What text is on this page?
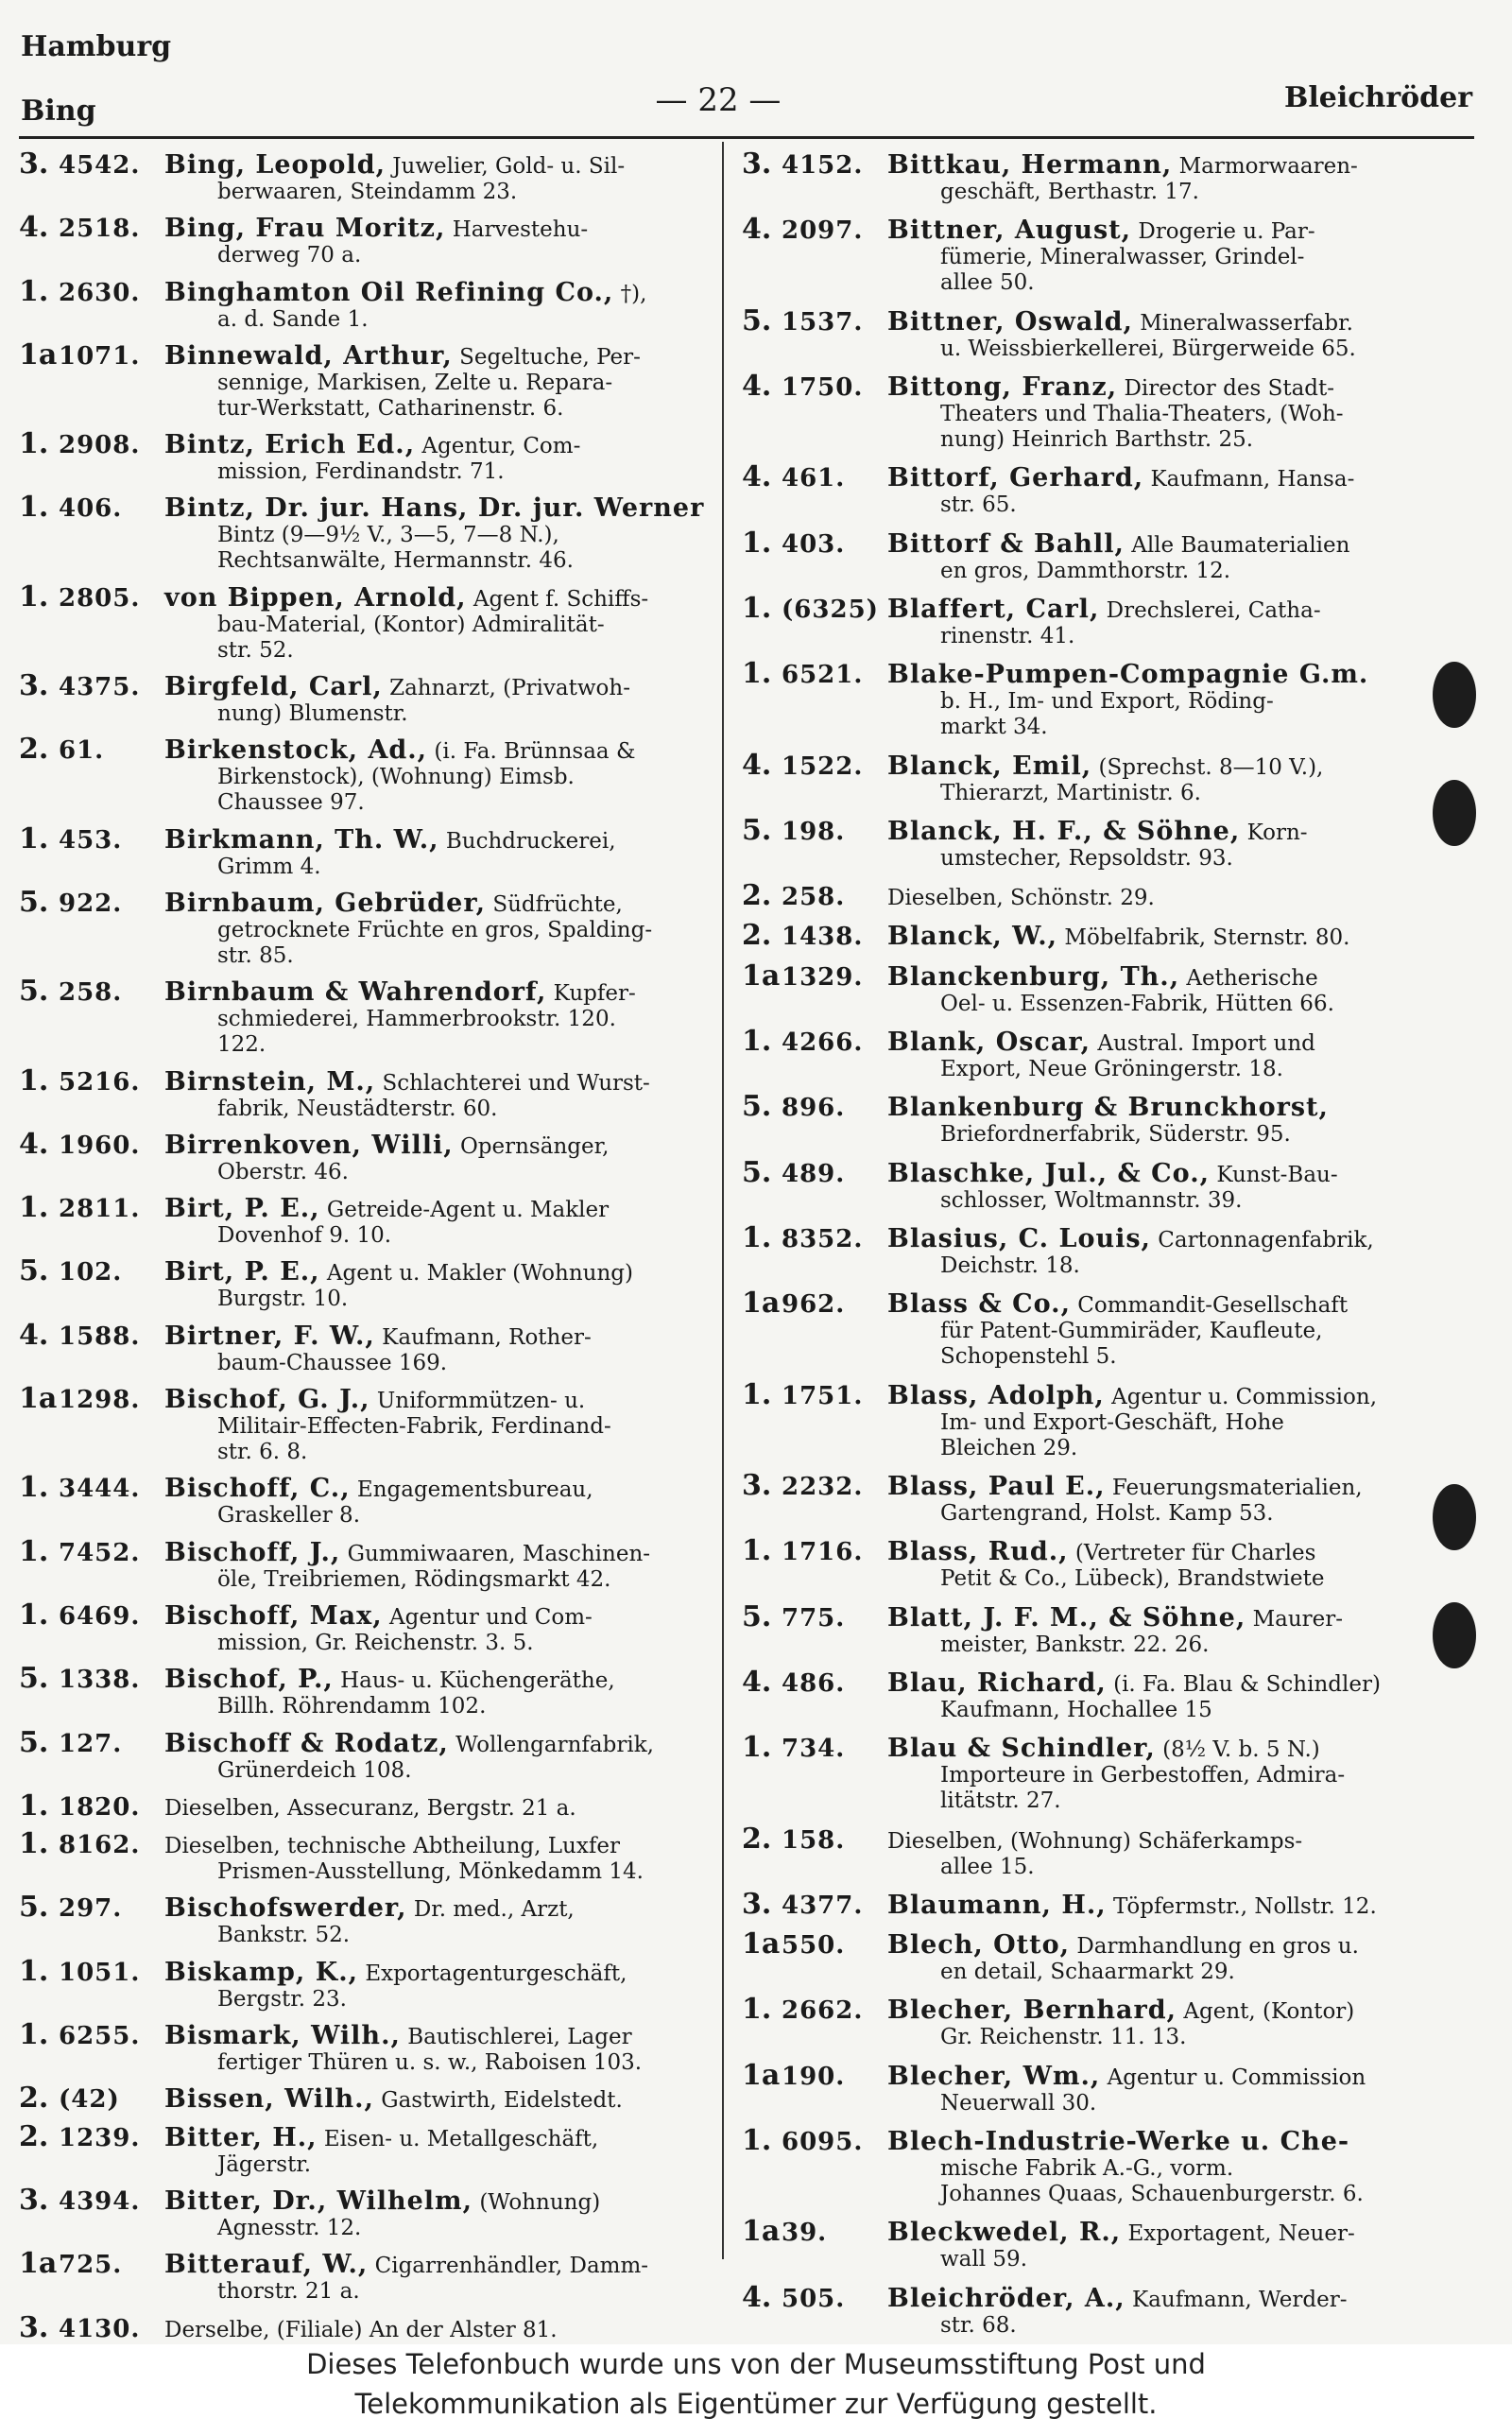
Hamburg
Bing	— 22 —	Bleichröder
3. 4542. Bing, Leopold, Juwelier, Gold- u. Sil-
berwaaren, Steindamm 23.
4. 2518. Bing, Frau Moritz, Harvestehu-
derweg 70 a.
1. 2630. Binghamton Oil Refining Co., †),
a. d. Sande 1.
1a1071. Binnewald, Arthur, Segeltuche, Per-
sennige, Markisen, Zelte u. Repara-
tur-Werkstatt, Catharinenstr. 6.
1. 2908. Bintz, Erich Ed., Agentur, Com-
mission, Ferdinandstr. 71.
1. 406. Bintz, Dr. jur. Hans, Dr. jur. Werner
Bintz (9—9½ V., 3—5, 7—8 N.),
Rechtsanwälte, Hermannstr. 46.
1. 2805. von Bippen, Arnold, Agent f. Schiffs-
bau-Material, (Kontor) Admiralität-
str. 52.
3. 4375. Birgfeld, Carl, Zahnarzt, (Privatwoh-
nung) Blumenstr.
2. 61. Birkenstock, Ad., (i. Fa. Brünnsaa &
Birkenstock), (Wohnung) Eimsb.
Chaussee 97.
1. 453. Birkmann, Th. W., Buchdruckerei,
Grimm 4.
5. 922. Birnbaum, Gebrüder, Südfrüchte,
getrocknete Früchte en gros, Spalding-
str. 85.
5. 258. Birnbaum & Wahrendorf, Kupfer-
schmiederei, Hammerbrookstr. 120.
122.
1. 5216. Birnstein, M., Schlachterei und Wurst-
fabrik, Neustädterstr. 60.
4. 1960. Birrenkoven, Willi, Opernsänger,
Oberstr. 46.
1. 2811. Birt, P. E., Getreide-Agent u. Makler
Dovenhof 9. 10.
5. 102. Birt, P. E., Agent u. Makler (Wohnung)
Burgstr. 10.
4. 1588. Birtner, F. W., Kaufmann, Rother-
baum-Chaussee 169.
1a1298. Bischof, G. J., Uniformmützen- u.
Militair-Effecten-Fabrik, Ferdinand-
str. 6. 8.
1. 3444. Bischoff, C., Engagementsbureau,
Graskeller 8.
1. 7452. Bischoff, J., Gummiwaaren, Maschinen-
öle, Treibriemen, Rödingsmarkt 42.
1. 6469. Bischoff, Max, Agentur und Com-
mission, Gr. Reichenstr. 3. 5.
5. 1338. Bischof, P., Haus- u. Küchengeräthe,
Billh. Röhrendamm 102.
5. 127. Bischoff & Rodatz, Wollengarnfabrik,
Grünerdeich 108.
1. 1820. Dieselben, Assecuranz, Bergstr. 21 a.
1. 8162. Dieselben, technische Abtheilung, Luxfer
Prismen-Ausstellung, Mönkedamm 14.
5. 297. Bischofswerder, Dr. med., Arzt,
Bankstr. 52.
1. 1051. Biskamp, K., Exportagenturgeschäft,
Bergstr. 23.
1. 6255. Bismark, Wilh., Bautischlerei, Lager
fertiger Thüren u. s. w., Raboisen 103.
2. (42) Bissen, Wilh., Gastwirth, Eidelstedt.
2. 1239. Bitter, H., Eisen- u. Metallgeschäft,
Jägerstr.
3. 4394. Bitter, Dr., Wilhelm, (Wohnung)
Agnesstr. 12.
1a725. Bitterauf, W., Cigarrenhändler, Damm-
thorstr. 21 a.
3. 4130. Derselbe, (Filiale) An der Alster 81.
3. 4152. Bittkau, Hermann, Marmorwaaren-
geschäft, Berthastr. 17.
4. 2097. Bittner, August, Drogerie u. Par-
fümerie, Mineralwasser, Grindel-
allee 50.
5. 1537. Bittner, Oswald, Mineralwasserfabr.
u. Weissbierkellerei, Bürgerweide 65.
4. 1750. Bittong, Franz, Director des Stadt-
Theaters und Thalia-Theaters, (Woh-
nung) Heinrich Barthstr. 25.
4. 461. Bittorf, Gerhard, Kaufmann, Hansa-
str. 65.
1. 403. Bittorf & Bahll, Alle Baumaterialien
en gros, Dammthorstr. 12.
1. (6325) Blaffert, Carl, Drechslerei, Catha-
rinenstr. 41.
1. 6521. Blake-Pumpen-Compagnie G.m.
b. H., Im- und Export, Röding-
markt 34.
4. 1522. Blanck, Emil, (Sprechst. 8—10 V.),
Thierarzt, Martinistr. 6.
5. 198. Blanck, H. F., & Söhne, Korn-
umstecher, Repsoldstr. 93.
2. 258. Dieselben, Schönstr. 29.
2. 1438. Blanck, W., Möbelfabrik, Sternstr. 80.
1a1329. Blanckenburg, Th., Aetherische
Oel- u. Essenzen-Fabrik, Hütten 66.
1. 4266. Blank, Oscar, Austral. Import und
Export, Neue Gröningerstr. 18.
5. 896. Blankenburg & Brunckhorst,
Briefordnerfabrik, Süderstr. 95.
5. 489. Blaschke, Jul., & Co., Kunst-Bau-
schlosser, Woltmannstr. 39.
1. 8352. Blasius, C. Louis, Cartonnagenfabrik,
Deichstr. 18.
1a962. Blass & Co., Commandit-Gesellschaft
für Patent-Gummiräder, Kaufleute,
Schopenstehl 5.
1. 1751. Blass, Adolph, Agentur u. Commission,
Im- und Export-Geschäft, Hohe
Bleichen 29.
3. 2232. Blass, Paul E., Feuerungsmaterialien,
Gartengrand, Holst. Kamp 53.
1. 1716. Blass, Rud., (Vertreter für Charles
Petit & Co., Lübeck), Brandstwiete
5. 775. Blatt, J. F. M., & Söhne, Maurer-
meister, Bankstr. 22. 26.
4. 486. Blau, Richard, (i. Fa. Blau & Schindler)
Kaufmann, Hochallee 15
1. 734. Blau & Schindler, (8½ V. b. 5 N.)
Importeure in Gerbestoffen, Admira-
litätstr. 27.
2. 158. Dieselben, (Wohnung) Schäferkamps-
allee 15.
3. 4377. Blaumann, H., Töpfermstr., Nollstr. 12.
1a550. Blech, Otto, Darmhandlung en gros u.
en detail, Schaarmarkt 29.
1. 2662. Blecher, Bernhard, Agent, (Kontor)
Gr. Reichenstr. 11. 13.
1a190. Blecher, Wm., Agentur u. Commission
Neuerwall 30.
1. 6095. Blech-Industrie-Werke u. Che-
mische Fabrik A.-G., vorm.
Johannes Quaas, Schauenburgerstr. 6.
1a39. Bleckwedel, R., Exportagent, Neuer-
wall 59.
4. 505. Bleichröder, A., Kaufmann, Werder-
str. 68.
Dieses Telefonbuch wurde uns von der Museumsstiftung Post und
Telekommunikation als Eigentümer zur Verfügung gestellt.
